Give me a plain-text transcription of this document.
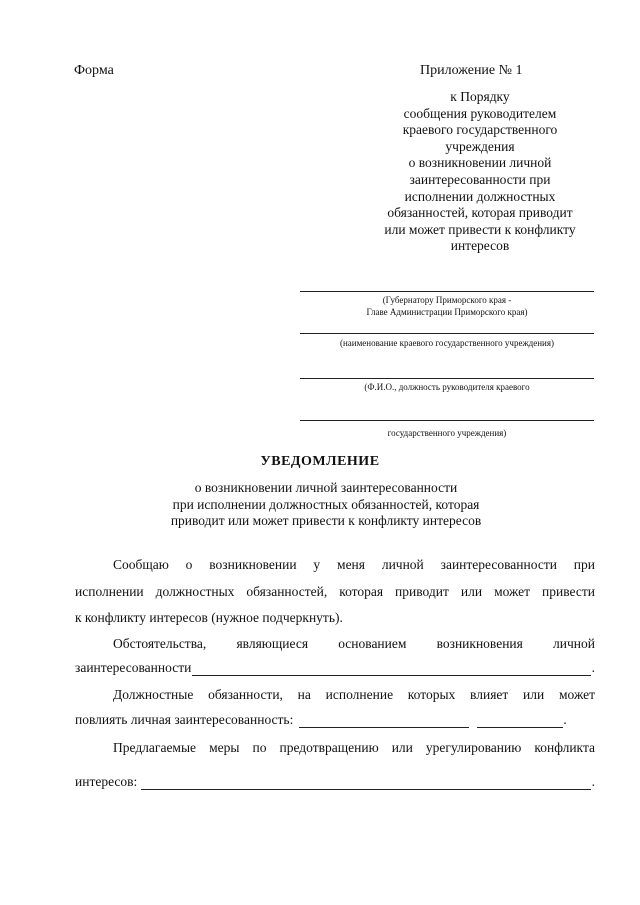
Форма	Приложение № 1
к Порядку
сообщения руководителем
краевого государственного
учреждения
о возникновении личной
заинтересованности при
исполнении должностных
обязанностей, которая приводит
или может привести к конфликту
интересов
(Губернатору Приморского края -
Главе Администрации Приморского края)
(наименование краевого государственного учреждения)
(Ф.И.О., должность руководителя краевого
государственного учреждения)
УВЕДОМЛЕНИЕ
о возникновении личной заинтересованности
при исполнении должностных обязанностей, которая
приводит или может привести к конфликту интересов
Сообщаю о возникновении у меня личной заинтересованности при
исполнении должностных обязанностей, которая приводит или может привести
к конфликту интересов (нужное подчеркнуть).
Обстоятельства, являющиеся основанием возникновения личной
заинтересованности	.
Должностные обязанности, на исполнение которых влияет или может
повлиять личная заинтересованность:	.
Предлагаемые меры по предотвращению или урегулированию конфликта
интересов:	.
